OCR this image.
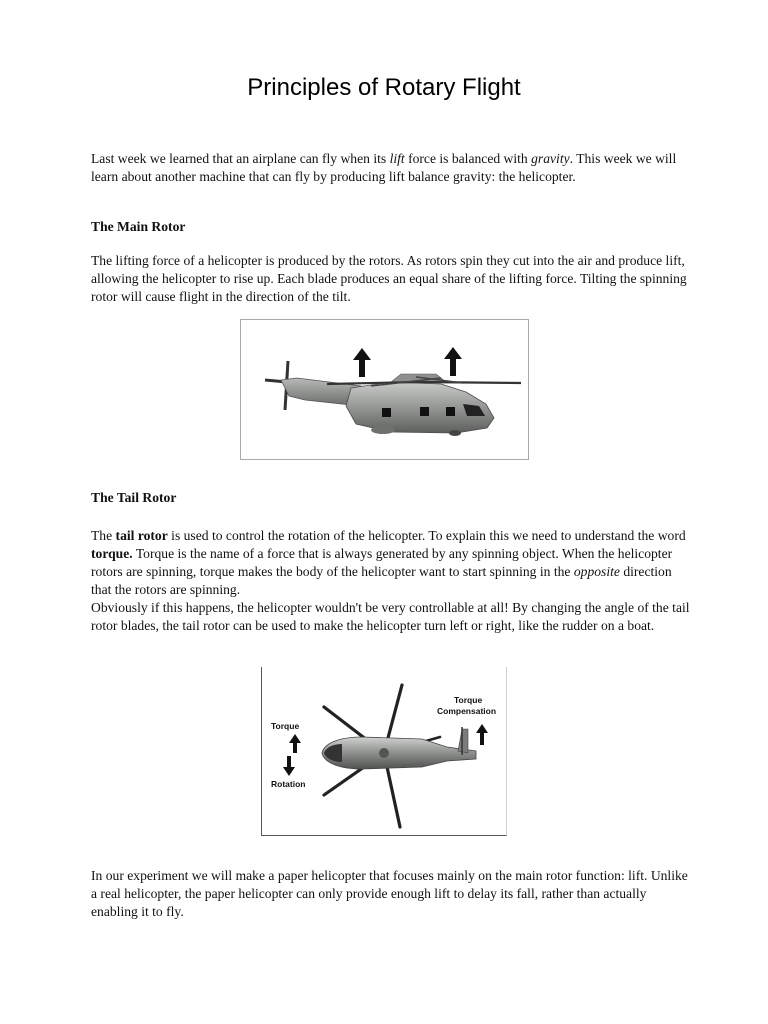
Principles of Rotary Flight

Last week we learned that an airplane can fly when its lift force is balanced with gravity. This week we will learn about another machine that can fly by producing lift balance gravity: the helicopter.

The Main Rotor

The lifting force of a helicopter is produced by the rotors. As rotors spin they cut into the air and produce lift, allowing the helicopter to rise up. Each blade produces an equal share of the lifting force. Tilting the spinning rotor will cause flight in the direction of the tilt.

The Tail Rotor

The tail rotor is used to control the rotation of the helicopter. To explain this we need to understand the word torque. Torque is the name of a force that is always generated by any spinning object. When the helicopter rotors are spinning, torque makes the body of the helicopter want to start spinning in the opposite direction that the rotors are spinning.
Obviously if this happens, the helicopter wouldn't be very controllable at all! By changing the angle of the tail rotor blades, the tail rotor can be used to make the helicopter turn left or right, like the rudder on a boat.

Torque
Rotation
Torque
Compensation

In our experiment we will make a paper helicopter that focuses mainly on the main rotor function: lift. Unlike a real helicopter, the paper helicopter can only provide enough lift to delay its fall, rather than actually enabling it to fly.
